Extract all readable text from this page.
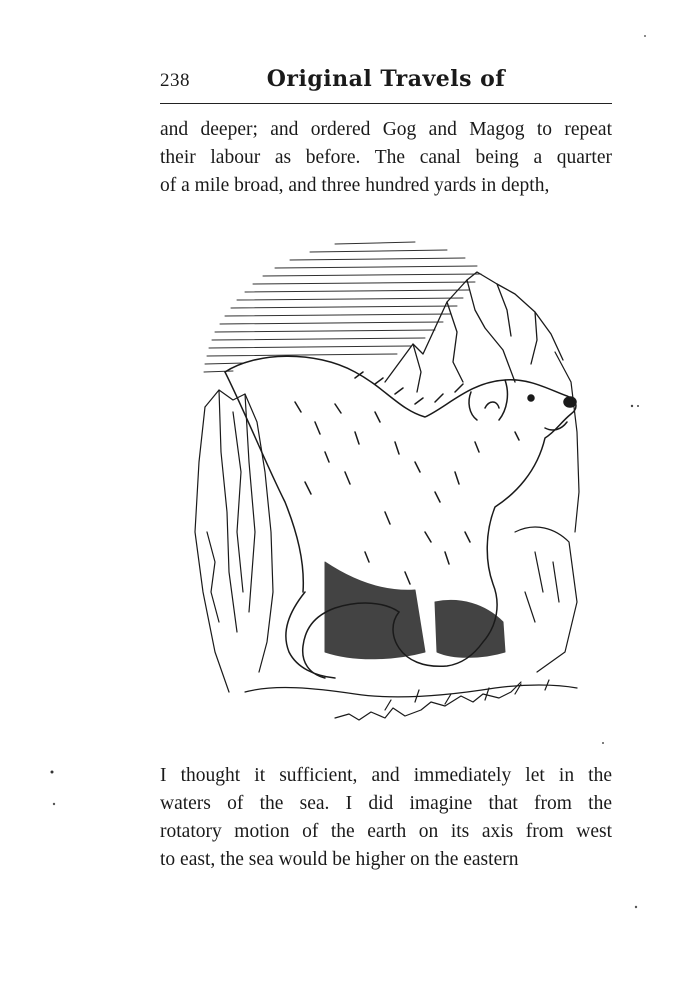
238	Original Travels of
and deeper; and ordered Gog and Magog to repeat
their labour as before. The canal being a quarter
of a mile broad, and three hundred yards in depth,
I thought it sufficient, and immediately let in the
waters of the sea. I did imagine that from the
rotatory motion of the earth on its axis from west
to east, the sea would be higher on the eastern
